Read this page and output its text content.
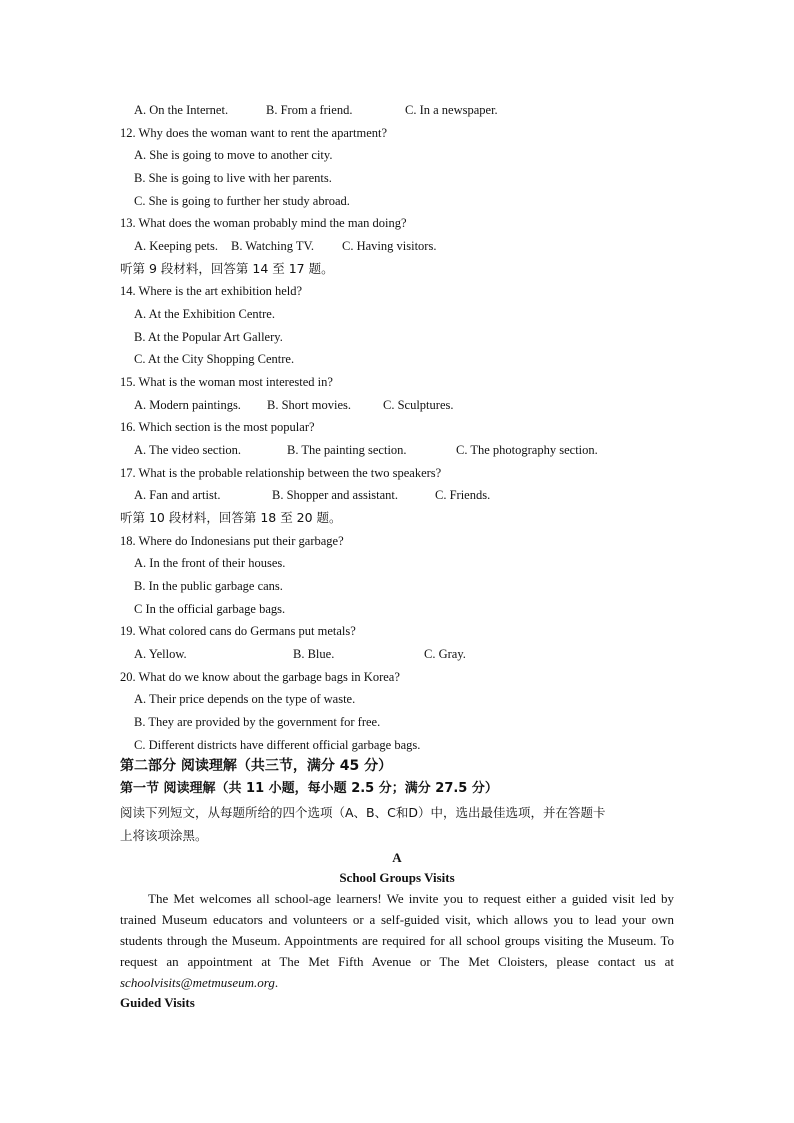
A. On the Internet.	B. From a friend.	C. In a newspaper.
12. Why does the woman want to rent the apartment?
A. She is going to move to another city.
B. She is going to live with her parents.
C. She is going to further her study abroad.
13. What does the woman probably mind the man doing?
A. Keeping pets. B. Watching TV. C. Having visitors.
听第 9 段材料，回答第 14 至 17 题。
14. Where is the art exhibition held?
A. At the Exhibition Centre.
B. At the Popular Art Gallery.
C. At the City Shopping Centre.
15. What is the woman most interested in?
A. Modern paintings. B. Short movies.	C. Sculptures.
16. Which section is the most popular?
A. The video section.	B. The painting section.	C. The photography section.
17. What is the probable relationship between the two speakers?
A. Fan and artist.	B. Shopper and assistant.	C. Friends.
听第 10 段材料，回答第 18 至 20 题。
18. Where do Indonesians put their garbage?
A. In the front of their houses.
B. In the public garbage cans.
C In the official garbage bags.
19. What colored cans do Germans put metals?
A. Yellow.	B. Blue.	C. Gray.
20. What do we know about the garbage bags in Korea?
A. Their price depends on the type of waste.
B. They are provided by the government for free.
C. Different districts have different official garbage bags.
第二部分 阅读理解（共三节，满分 45 分）
第一节 阅读理解（共 11 小题，每小题 2.5 分；满分 27.5 分）
阅读下列短文，从每题所给的四个选项（A、B、C和D）中，选出最佳选项，并在答题卡
上将该项涂黑。
A
School Groups Visits
The Met welcomes all school-age learners! We invite you to request either a guided visit led by trained Museum educators and volunteers or a self-guided visit, which allows you to lead your own students through the Museum. Appointments are required for all school groups visiting the Museum. To request an appointment at The Met Fifth Avenue or The Met Cloisters, please contact us at schoolvisits@metmuseum.org.
Guided Visits
